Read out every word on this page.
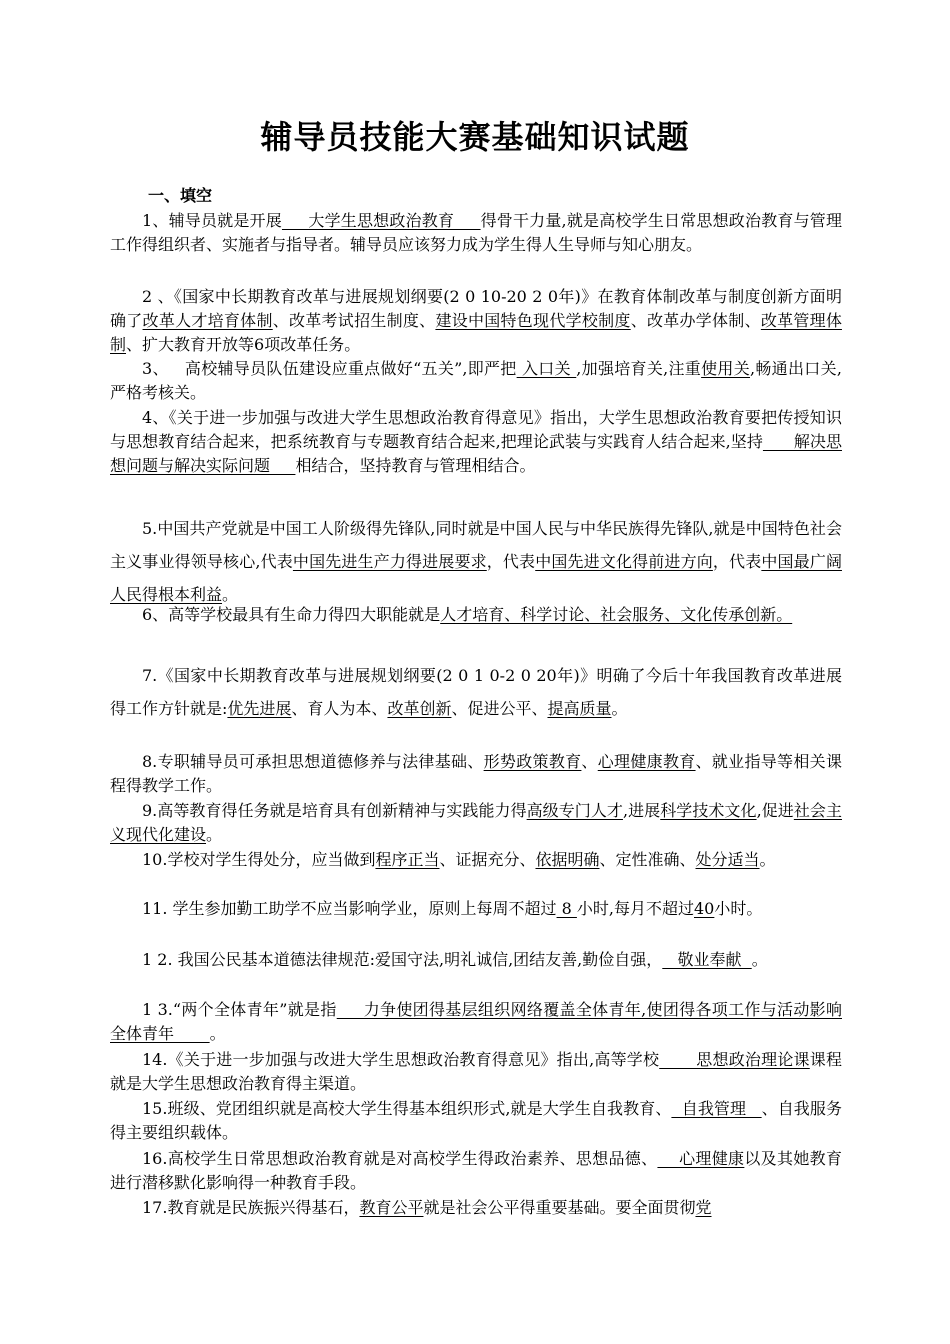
辅导员技能大赛基础知识试题

一、填空

1、辅导员就是开展     大学生思想政治教育     得骨干力量,就是高校学生日常思想政治教育与管理工作得组织者、实施者与指导者。辅导员应该努力成为学生得人生导师与知心朋友。

2 、《国家中长期教育改革与进展规划纲要(2 0 10-20 2 0年)》在教育体制改革与制度创新方面明确了改革人才培育体制、改革考试招生制度、建设中国特色现代学校制度、改革办学体制、改革管理体制、扩大教育开放等6项改革任务。

3、   高校辅导员队伍建设应重点做好“五关”,即严把 入口关 ,加强培育关,注重使用关,畅通出口关,严格考核关。

4、《关于进一步加强与改进大学生思想政治教育得意见》指出，大学生思想政治教育要把传授知识与思想教育结合起来，把系统教育与专题教育结合起来,把理论武装与实践育人结合起来,坚持      解决思想问题与解决实际问题     相结合，坚持教育与管理相结合。

5.中国共产党就是中国工人阶级得先锋队,同时就是中国人民与中华民族得先锋队,就是中国特色社会主义事业得领导核心,代表中国先进生产力得进展要求，代表中国先进文化得前进方向，代表中国最广阔人民得根本利益。

6、高等学校最具有生命力得四大职能就是人才培育、科学讨论、社会服务、文化传承创新。

7.《国家中长期教育改革与进展规划纲要(2 0 1 0-2 0 20年)》明确了今后十年我国教育改革进展得工作方针就是:优先进展、育人为本、改革创新、促进公平、提高质量。

8.专职辅导员可承担思想道德修养与法律基础、形势政策教育、心理健康教育、就业指导等相关课程得教学工作。

9.高等教育得任务就是培育具有创新精神与实践能力得高级专门人才,进展科学技术文化,促进社会主义现代化建设。

10.学校对学生得处分，应当做到程序正当、证据充分、依据明确、定性准确、处分适当。

11. 学生参加勤工助学不应当影响学业，原则上每周不超过 8 小时,每月不超过40小时。

1 2. 我国公民基本道德法律规范:爱国守法,明礼诚信,团结友善,勤俭自强，   敬业奉献  。

1 3.“两个全体青年”就是指     力争使团得基层组织网络覆盖全体青年,使团得各项工作与活动影响全体青年       。

14.《关于进一步加强与改进大学生思想政治教育得意见》指出,高等学校       思想政治理论课课程就是大学生思想政治教育得主渠道。

15.班级、党团组织就是高校大学生得基本组织形式,就是大学生自我教育、  自我管理   、自我服务得主要组织载体。

16.高校学生日常思想政治教育就是对高校学生得政治素养、思想品德、    心理健康以及其她教育进行潜移默化影响得一种教育手段。

17.教育就是民族振兴得基石，教育公平就是社会公平得重要基础。要全面贯彻党
